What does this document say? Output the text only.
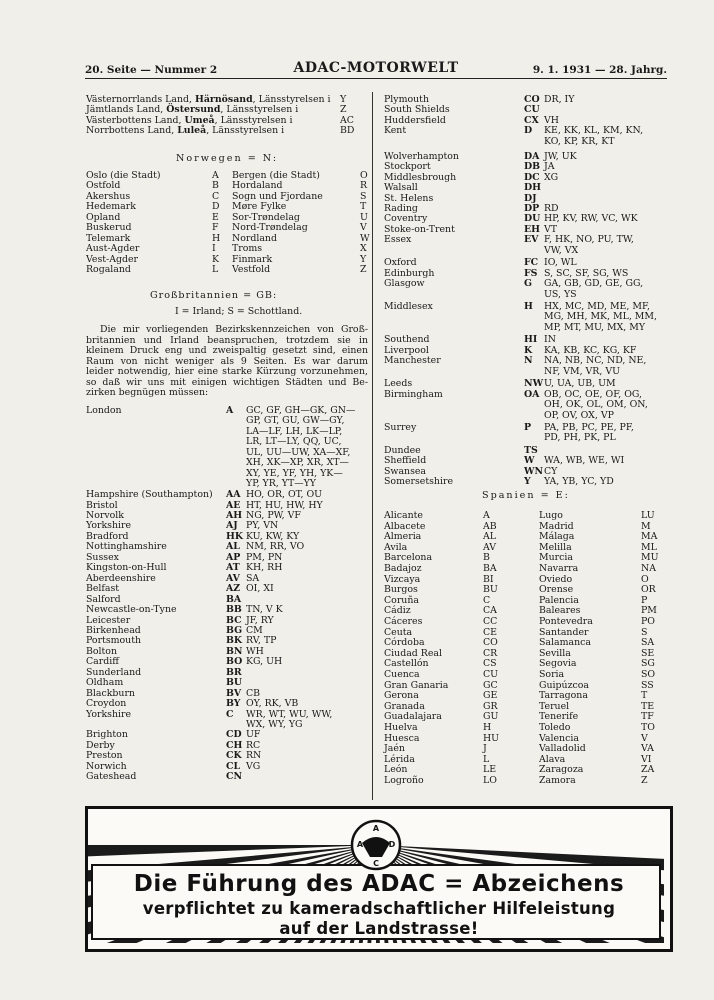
20. Seite — Nummer 2	ADAC-MOTORWELT	9. 1. 1931 — 28. Jahrg.
Västernorrlands Land, Härnösand, Länsstyrelsen i Y
Jämtlands Land, Östersund, Länsstyrelsen i	Z
Västerbottens Land, Umeå, Länsstyrelsen i	AC
Norrbottens Land, Luleå, Länsstyrelsen i	BD
Norwegen = N:
Oslo (die Stadt)	A Bergen (die Stadt)	O
Ostfold	B Hordaland	R
Akershus	C Sogn und Fjordane	S
Hedemark	D Møre Fylke	T
Opland	E Sor-Trøndelag	U
Buskerud	F Nord-Trøndelag	V
Telemark	H Nordland	W
Aust-Agder	I Troms	X
Vest-Agder	K Finmark	Y
Rogaland	L Vestfold	Z
Großbritannien = GB:
I = Irland; S = Schottland.
Die mir vorliegenden Bezirkskennzeichen von Groß-
britannien und Irland beanspruchen, trotzdem sie in
kleinem Druck eng und zweispaltig gesetzt sind, einen
Raum von nicht weniger als 9 Seiten. Es war darum
leider notwendig, hier eine starke Kürzung vorzunehmen,
so daß wir uns mit einigen wichtigen Städten und Be-
zirken begnügen müssen:
London	A GC, GF, GH—GK, GN—
GP, GT, GU, GW—GY,
LA—LF, LH, LK—LP,
LR, LT—LY, QQ, UC,
UL, UU—UW, XA—XF,
XH, XK—XP, XR, XT—
XY, YE, YF, YH, YK—
YP, YR, YT—YY
Hampshire (Southampton) AA HO, OR, OT, OU
Bristol	AE HT, HU, HW, HY
Norvolk	AH NG, PW, VF
Yorkshire	AJ PY, VN
Bradford	HK KU, KW, KY
Nottinghamshire	AL NM, RR, VO
Sussex	AP PM, PN
Kingston-on-Hull	AT KH, RH
Aberdeenshire	AV SA
Belfast	AZ OI, XI
Salford	BA
Newcastle-on-Tyne	BB TN, V K
Leicester	BC JF, RY
Birkenhead	BG CM
Portsmouth	BK RV, TP
Bolton	BN WH
Cardiff	BO KG, UH
Sunderland	BR
Oldham	BU
Blackburn	BV CB
Croydon	BY OY, RK, VB
Yorkshire	C WR, WT, WU, WW,
WX, WY, YG
Brighton	CD UF
Derby	CH RC
Preston	CK RN
Norwich	CL VG
Gateshead	CN
Plymouth	CO DR, IY
South Shields	CU
Huddersfield	CX VH
Kent	D KE, KK, KL, KM, KN,
KO, KP, KR, KT
Wolverhampton	DA JW, UK
Stockport	DB JA
Middlesbrough	DC XG
Walsall	DH
St. Helens	DJ
Rading	DP RD
Coventry	DU HP, KV, RW, VC, WK
Stoke-on-Trent	EH VT
Essex	EV F, HK, NO, PU, TW,
VW, VX
Oxford	FC IO, WL
Edinburgh	FS S, SC, SF, SG, WS
Glasgow	G GA, GB, GD, GE, GG,
US, YS
Middlesex	H HX, MC, MD, ME, MF,
MG, MH, MK, ML, MM,
MP, MT, MU, MX, MY
Southend	HI IN
Liverpool	K KA, KB, KC, KG, KF
Manchester	N NA, NB, NC, ND, NE,
NF, VM, VR, VU
Leeds	NW U, UA, UB, UM
Birmingham	OA OB, OC, OE, OF, OG,
OH, OK, OL, OM, ON,
OP, OV, OX, VP
Surrey	P PA, PB, PC, PE, PF,
PD, PH, PK, PL
Dundee	TS
Sheffield	W WA, WB, WE, WI
Swansea	WN CY
Somersetshire	Y YA, YB, YC, YD
Spanien = E:
Alicante	A	Lugo	LU
Albacete	AB	Madrid	M
Almeria	AL	Málaga	MA
Avila	AV	Melilla	ML
Barcelona	B	Murcia	MU
Badajoz	BA	Navarra	NA
Vizcaya	BI	Oviedo	O
Burgos	BU	Orense	OR
Coruña	C	Palencia	P
Cádiz	CA	Baleares	PM
Cáceres	CC	Pontevedra	PO
Ceuta	CE	Santander	S
Córdoba	CO	Salamanca	SA
Ciudad Real	CR	Sevilla	SE
Castellón	CS	Segovia	SG
Cuenca	CU	Soria	SO
Gran Ganaria	GC	Guipúzcoa	SS
Gerona	GE	Tarragona	T
Granada	GR	Teruel	TE
Guadalajara	GU	Tenerife	TF
Huelva	H	Toledo	TO
Huesca	HU	Valencia	V
Jaén	J	Valladolid	VA
Lérida	L	Alava	VI
León	LE	Zaragoza	ZA
Logroño	LO	Zamora	Z
A
D
A
C
Die Führung des ADAC = Abzeichens
verpflichtet zu kameradschaftlicher Hilfeleistung
auf der Landstrasse!
